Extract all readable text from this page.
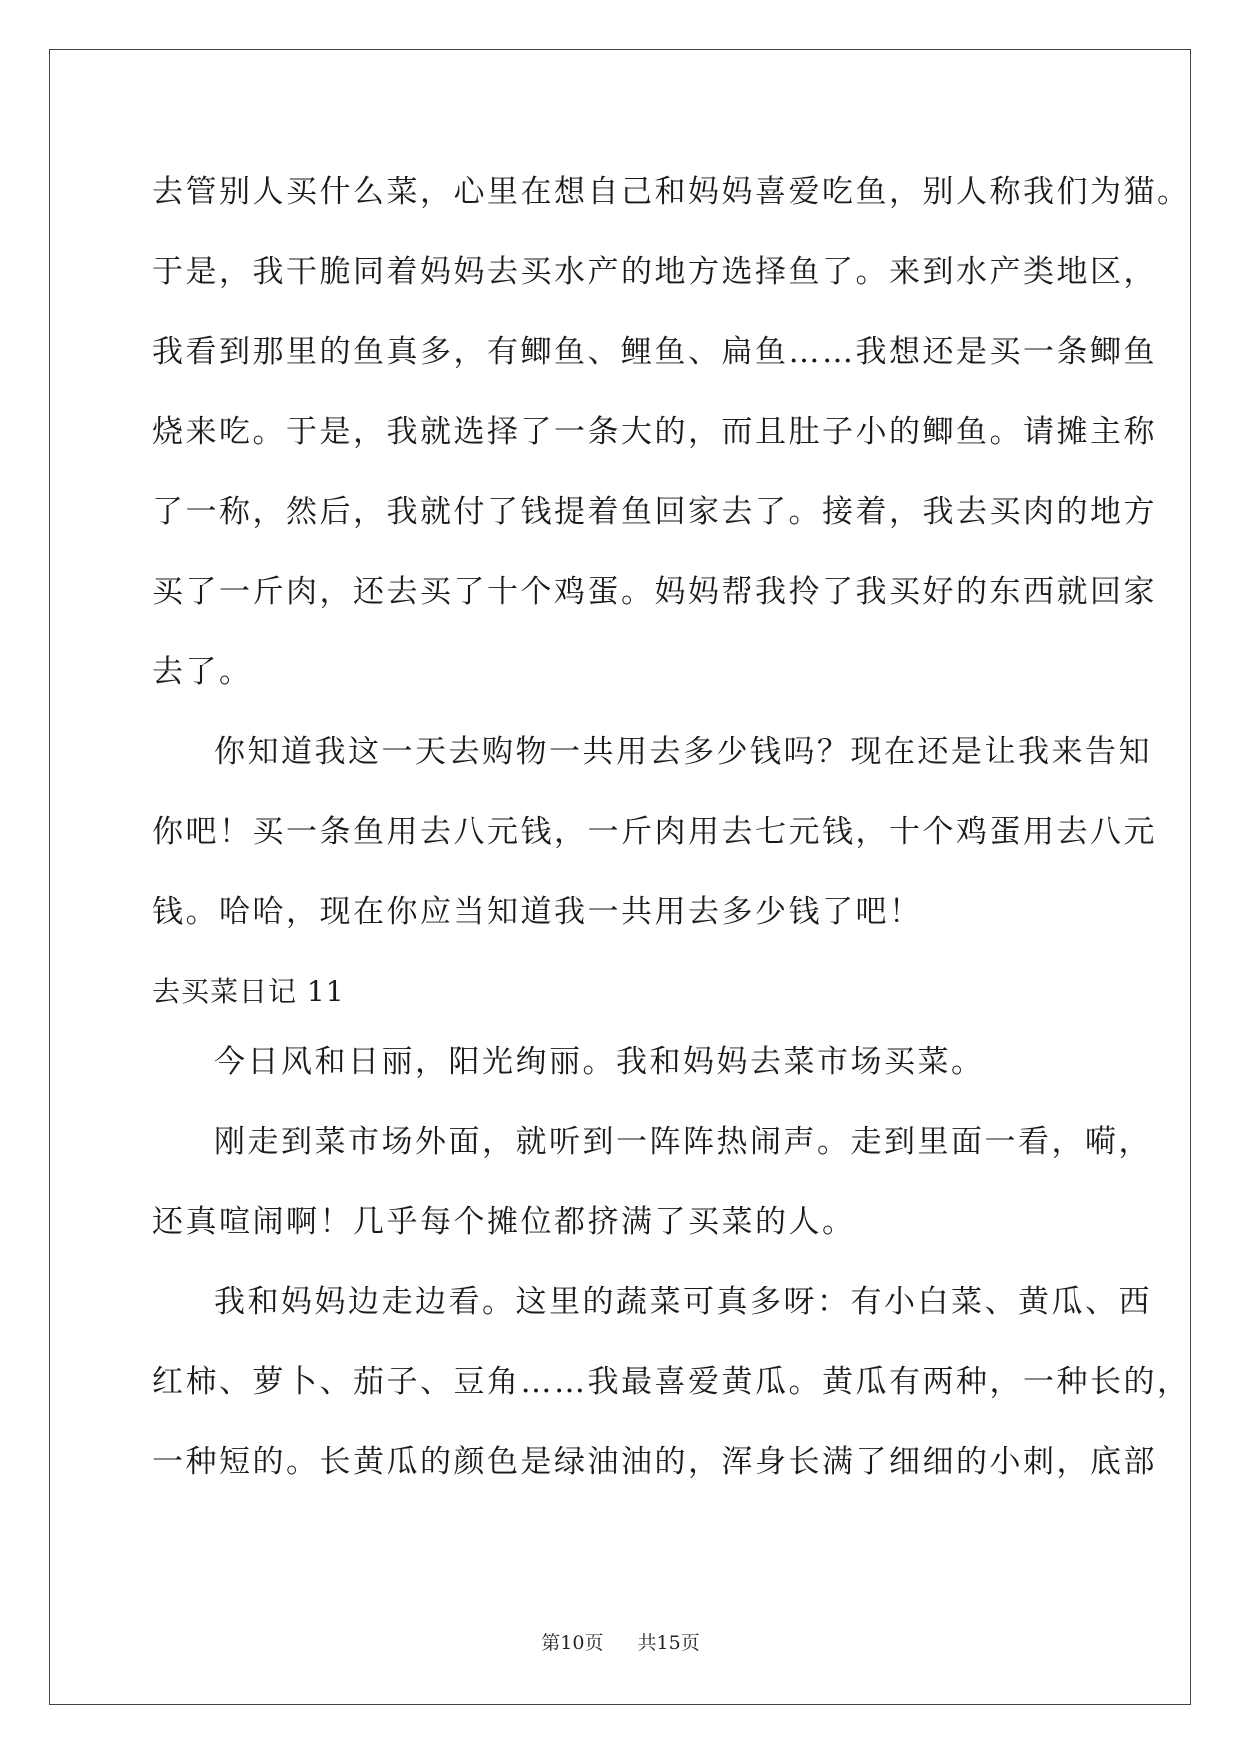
去管别人买什么菜，心里在想自己和妈妈喜爱吃鱼，别人称我们为猫。
于是，我干脆同着妈妈去买水产的地方选择鱼了。来到水产类地区，
我看到那里的鱼真多，有鲫鱼、鲤鱼、扁鱼……我想还是买一条鲫鱼
烧来吃。于是，我就选择了一条大的，而且肚子小的鲫鱼。请摊主称
了一称，然后，我就付了钱提着鱼回家去了。接着，我去买肉的地方
买了一斤肉，还去买了十个鸡蛋。妈妈帮我拎了我买好的东西就回家
去了。
你知道我这一天去购物一共用去多少钱吗？现在还是让我来告知
你吧！买一条鱼用去八元钱，一斤肉用去七元钱，十个鸡蛋用去八元
钱。哈哈，现在你应当知道我一共用去多少钱了吧！
去买菜日记 11
今日风和日丽，阳光绚丽。我和妈妈去菜市场买菜。
刚走到菜市场外面，就听到一阵阵热闹声。走到里面一看，嗬，
还真喧闹啊！几乎每个摊位都挤满了买菜的人。
我和妈妈边走边看。这里的蔬菜可真多呀：有小白菜、黄瓜、西
红柿、萝卜、茄子、豆角……我最喜爱黄瓜。黄瓜有两种，一种长的，
一种短的。长黄瓜的颜色是绿油油的，浑身长满了细细的小刺，底部
第10页 共15页
